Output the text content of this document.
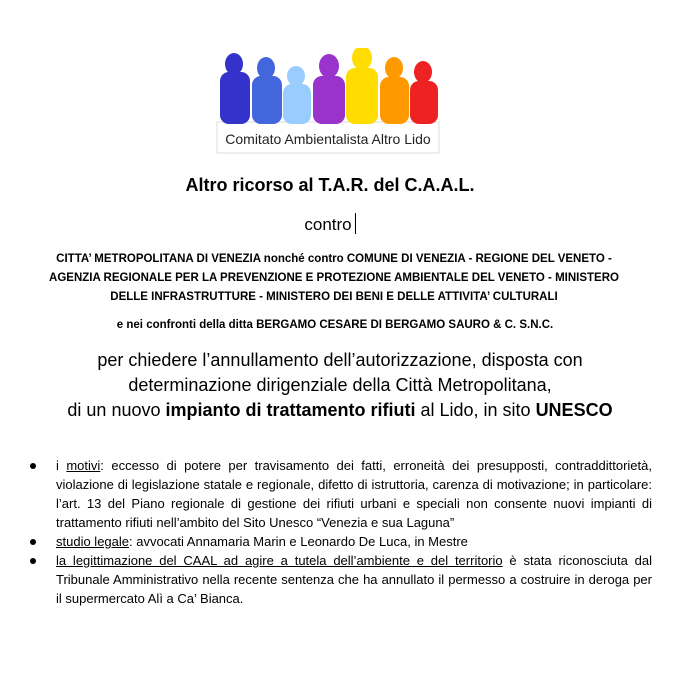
Comitato Ambientalista Altro Lido
Altro ricorso al T.A.R. del C.A.A.L.
contro
CITTA’ METROPOLITANA DI VENEZIA nonché contro COMUNE DI VENEZIA - REGIONE DEL VENETO -
AGENZIA REGIONALE PER LA PREVENZIONE E PROTEZIONE AMBIENTALE DEL VENETO - MINISTERO
DELLE INFRASTRUTTURE - MINISTERO DEI BENI E DELLE ATTIVITA’ CULTURALI
e nei confronti della ditta BERGAMO CESARE DI BERGAMO SAURO & C. S.N.C.
per chiedere l’annullamento dell’autorizzazione, disposta con
determinazione dirigenziale della Città Metropolitana,
di un nuovo impianto di trattamento rifiuti al Lido, in sito UNESCO
i motivi: eccesso di potere per travisamento dei fatti, erroneità dei presupposti, contraddittorietà, violazione di legislazione statale e regionale, difetto di istruttoria, carenza di motivazione; in particolare: l’art. 13 del Piano regionale di gestione dei rifiuti urbani e speciali non consente nuovi impianti di trattamento rifiuti nell’ambito del Sito Unesco “Venezia e sua Laguna”
studio legale: avvocati Annamaria Marin e Leonardo De Luca, in Mestre
la legittimazione del CAAL ad agire a tutela dell’ambiente e del territorio è stata riconosciuta dal Tribunale Amministrativo nella recente sentenza che ha annullato il permesso a costruire in deroga per il supermercato Alì a Ca’ Bianca.
